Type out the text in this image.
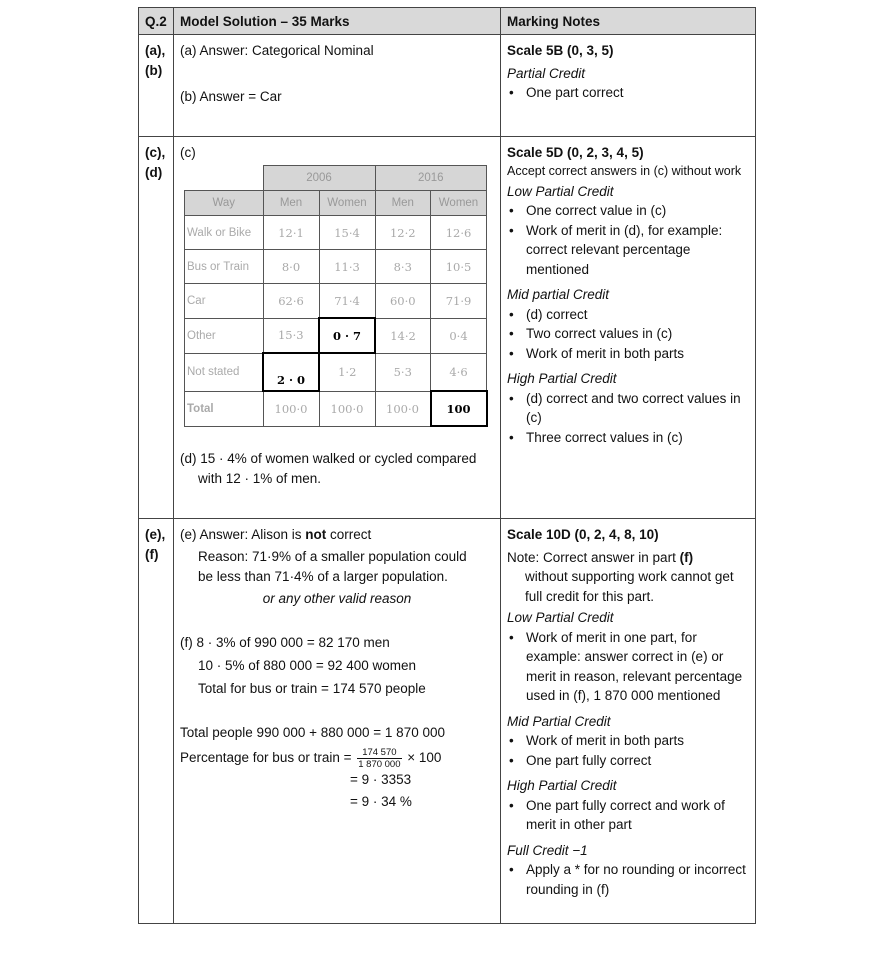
Q.2	Model Solution – 35 Marks	Marking Notes

(a),
(b)

(a) Answer: Categorical Nominal
(b) Answer = Car

Scale 5B (0, 3, 5)
Partial Credit
• One part correct

(c),
(d)

(c)
	2006	2016
Way	Men	Women	Men	Women
Walk or Bike	12·1	15·4	12·2	12·6
Bus or Train	8·0	11·3	8·3	10·5
Car	62·6	71·4	60·0	71·9
Other	15·3	0 · 7	14·2	0·4
Not stated	2 · 0	1·2	5·3	4·6
Total	100·0	100·0	100·0	100
(d) 15 · 4% of women walked or cycled compared
with 12 · 1% of men.

Scale 5D (0, 2, 3, 4, 5)
Accept correct answers in (c) without work
Low Partial Credit
• One correct value in (c)
• Work of merit in (d), for example: correct relevant percentage mentioned
Mid partial Credit
• (d) correct
• Two correct values in (c)
• Work of merit in both parts
High Partial Credit
• (d) correct and two correct values in (c)
• Three correct values in (c)

(e),
(f)

(e) Answer: Alison is not correct
Reason: 71·9% of a smaller population could
be less than 71·4% of a larger population.
or any other valid reason
(f) 8 · 3% of 990 000 = 82 170 men
10 · 5% of 880 000 = 92 400 women
Total for bus or train = 174 570 people
Total people 990 000 + 880 000 = 1 870 000
Percentage for bus or train = $\frac{174 570}{1 870 000} \times 100$
= 9 · 3353
= 9 · 34 %

Scale 10D (0, 2, 4, 8, 10)
Note: Correct answer in part (f)
without supporting work cannot get full credit for this part.
Low Partial Credit
• Work of merit in one part, for example: answer correct in (e) or merit in reason, relevant percentage used in (f), 1 870 000 mentioned
Mid Partial Credit
• Work of merit in both parts
• One part fully correct
High Partial Credit
• One part fully correct and work of merit in other part
Full Credit −1
• Apply a * for no rounding or incorrect rounding in (f)
